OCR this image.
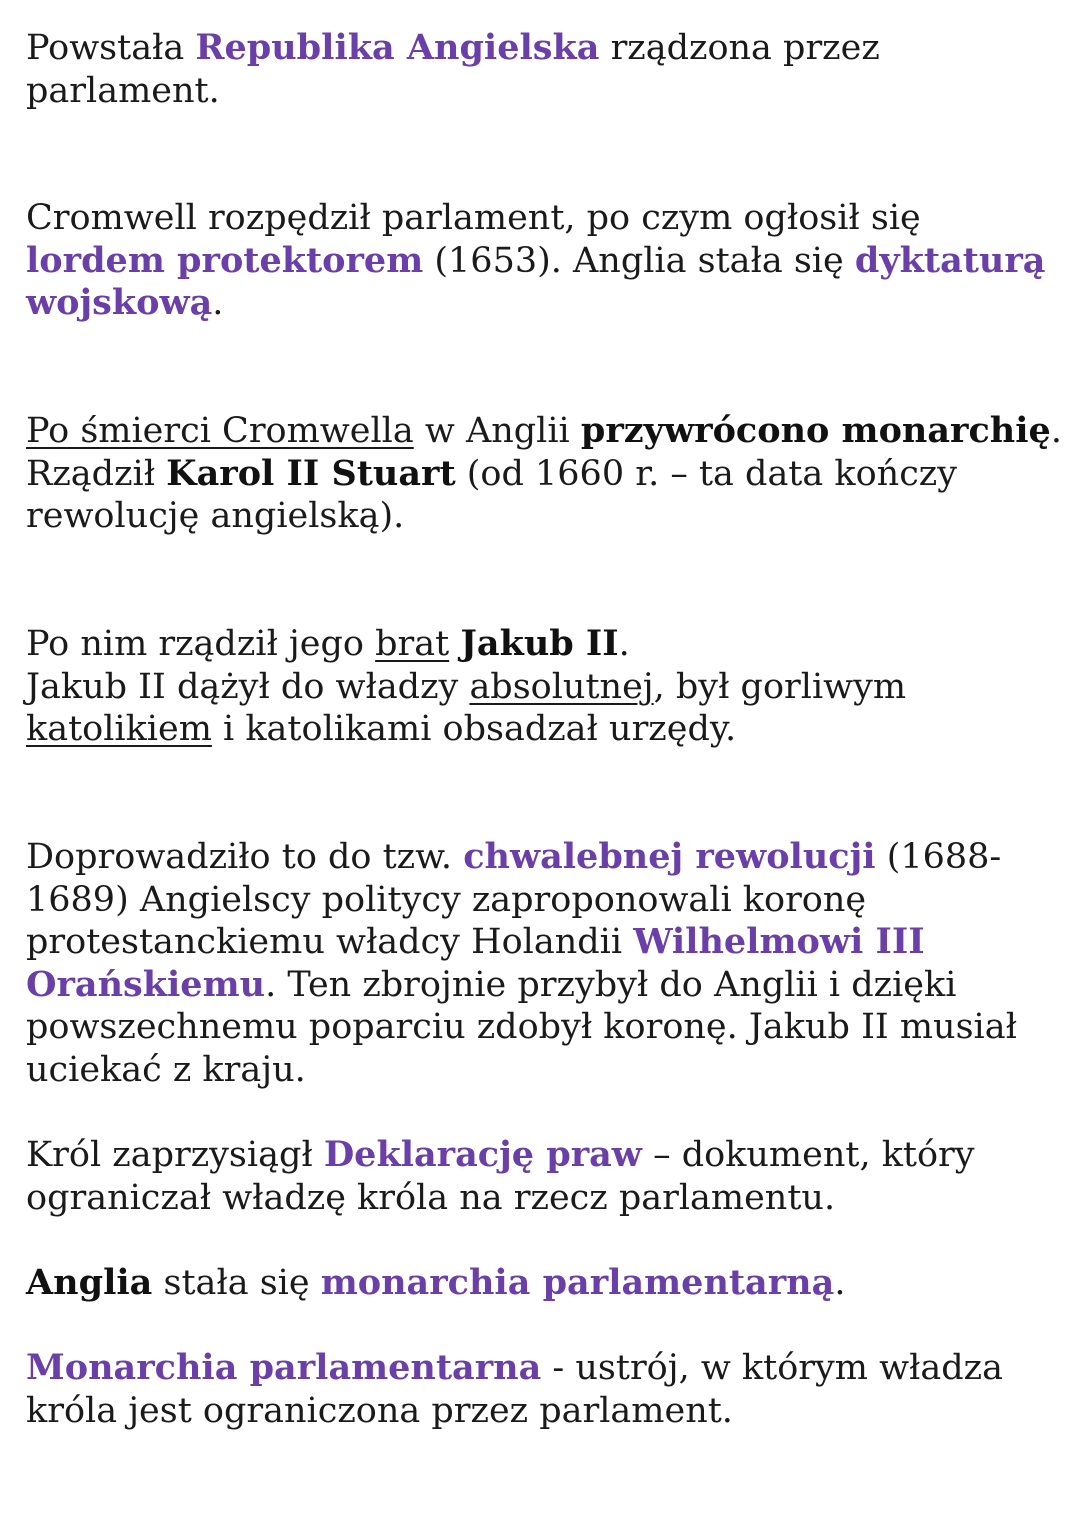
Powstała Republika Angielska rządzona przez parlament.

Cromwell rozpędził parlament, po czym ogłosił się lordem protektorem (1653). Anglia stała się dyktaturą wojskową.

Po śmierci Cromwella w Anglii przywrócono monarchię. Rządził Karol II Stuart (od 1660 r. – ta data kończy rewolucję angielską).

Po nim rządził jego brat Jakub II.
Jakub II dążył do władzy absolutnej, był gorliwym katolikiem i katolikami obsadzał urzędy.

Doprowadziło to do tzw. chwalebnej rewolucji (1688-1689) Angielscy politycy zaproponowali koronę protestanckiemu władcy Holandii Wilhelmowi III Orańskiemu. Ten zbrojnie przybył do Anglii i dzięki powszechnemu poparciu zdobył koronę. Jakub II musiał uciekać z kraju.

Król zaprzysiągł Deklarację praw – dokument, który ograniczał władzę króla na rzecz parlamentu.

Anglia stała się monarchia parlamentarną.

Monarchia parlamentarna - ustrój, w którym władza króla jest ograniczona przez parlament.
